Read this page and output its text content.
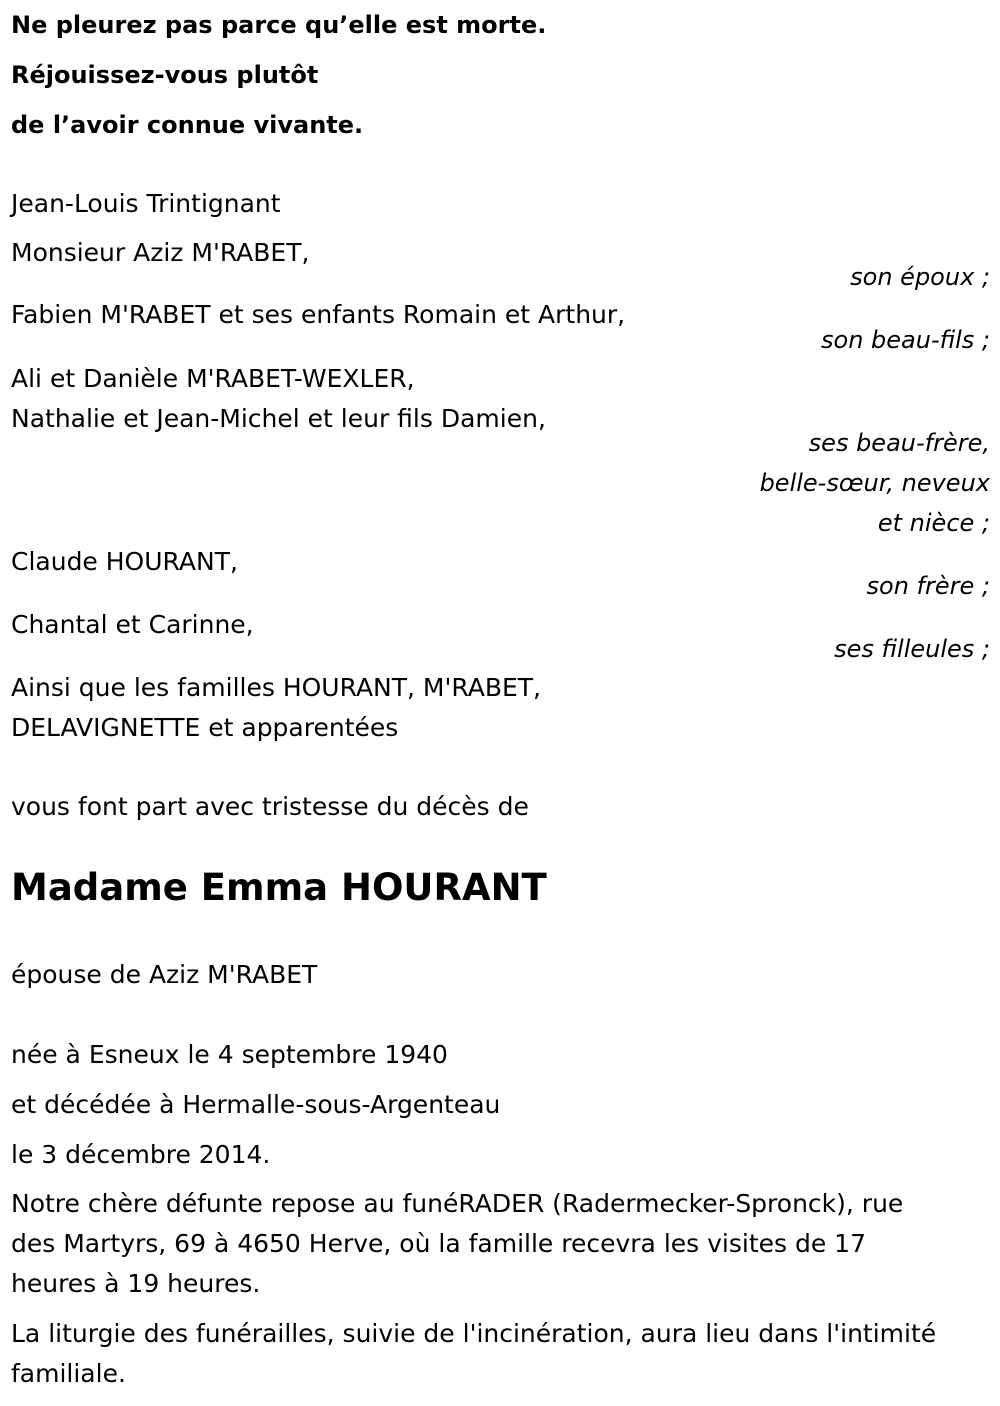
Ne pleurez pas parce qu’elle est morte.

Réjouissez-vous plutôt

de l’avoir connue vivante.

Jean-Louis Trintignant

Monsieur Aziz M'RABET,

son époux ;

Fabien M'RABET et ses enfants Romain et Arthur,

son beau-fils ;

Ali et Danièle M'RABET-WEXLER,

Nathalie et Jean-Michel et leur fils Damien,

ses beau-frère,

belle-sœur, neveux

et nièce ;

Claude HOURANT,

son frère ;

Chantal et Carinne,

ses filleules ;

Ainsi que les familles HOURANT, M'RABET,

DELAVIGNETTE et apparentées

vous font part avec tristesse du décès de

Madame Emma HOURANT

épouse de Aziz M'RABET

née à Esneux le 4 septembre 1940

et décédée à Hermalle-sous-Argenteau

le 3 décembre 2014.

Notre chère défunte repose au funéRADER (Radermecker-Spronck), rue

des Martyrs, 69 à 4650 Herve, où la famille recevra les visites de 17

heures à 19 heures.

La liturgie des funérailles, suivie de l'incinération, aura lieu dans l'intimité

familiale.
